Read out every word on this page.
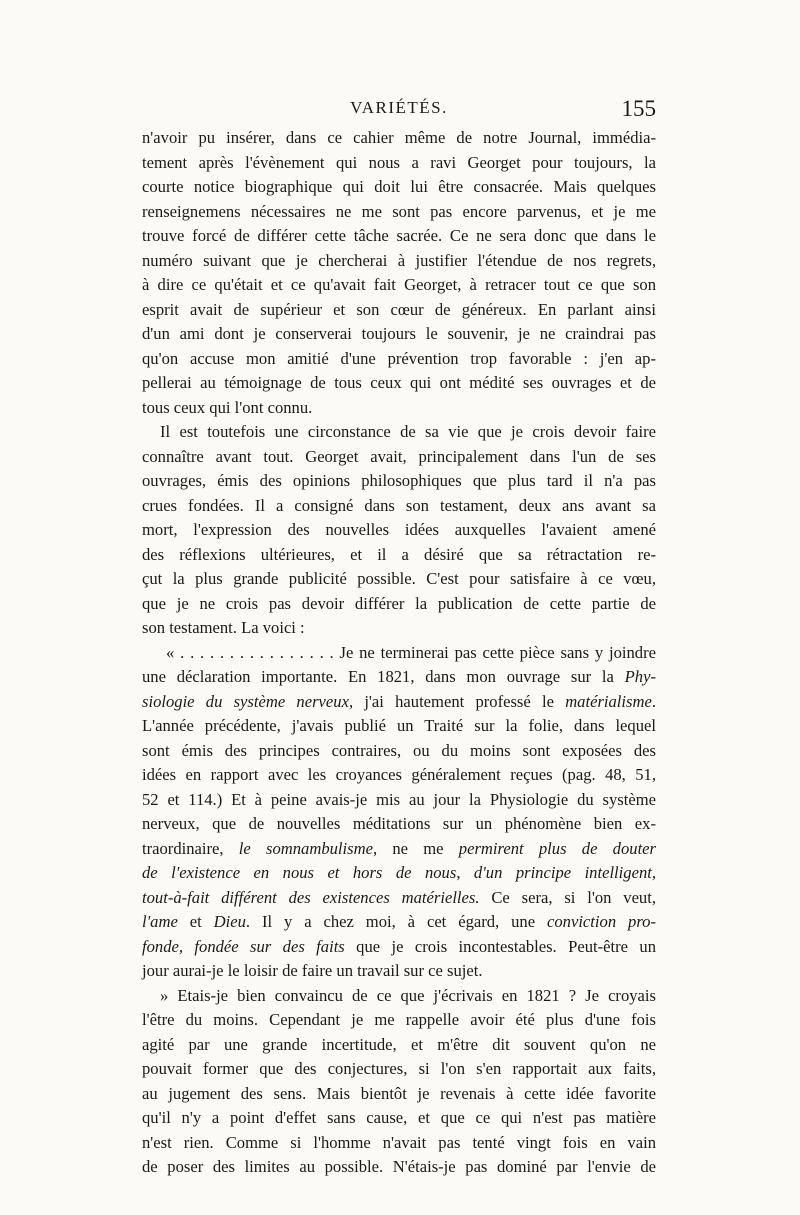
VARIÉTÉS.	155
n'avoir pu insérer, dans ce cahier même de notre Journal, immédia-
tement après l'évènement qui nous a ravi Georget pour toujours, la
courte notice biographique qui doit lui être consacrée. Mais quelques
renseignemens nécessaires ne me sont pas encore parvenus, et je me
trouve forcé de différer cette tâche sacrée. Ce ne sera donc que dans le
numéro suivant que je chercherai à justifier l'étendue de nos regrets,
à dire ce qu'était et ce qu'avait fait Georget, à retracer tout ce que son
esprit avait de supérieur et son cœur de généreux. En parlant ainsi
d'un ami dont je conserverai toujours le souvenir, je ne craindrai pas
qu'on accuse mon amitié d'une prévention trop favorable : j'en ap-
pellerai au témoignage de tous ceux qui ont médité ses ouvrages et de
tous ceux qui l'ont connu.
Il est toutefois une circonstance de sa vie que je crois devoir faire
connaître avant tout. Georget avait, principalement dans l'un de ses
ouvrages, émis des opinions philosophiques que plus tard il n'a pas
crues fondées. Il a consigné dans son testament, deux ans avant sa
mort, l'expression des nouvelles idées auxquelles l'avaient amené
des réflexions ultérieures, et il a désiré que sa rétractation re-
çut la plus grande publicité possible. C'est pour satisfaire à ce vœu,
que je ne crois pas devoir différer la publication de cette partie de
son testament. La voici :
« . . . . . . . . . . . . . . . . Je ne terminerai pas cette pièce sans y joindre
une déclaration importante. En 1821, dans mon ouvrage sur la Phy-
siologie du système nerveux, j'ai hautement professé le matérialisme.
L'année précédente, j'avais publié un Traité sur la folie, dans lequel
sont émis des principes contraires, ou du moins sont exposées des
idées en rapport avec les croyances généralement reçues (pag. 48, 51,
52 et 114.) Et à peine avais-je mis au jour la Physiologie du système
nerveux, que de nouvelles méditations sur un phénomène bien ex-
traordinaire, le somnambulisme, ne me permirent plus de douter
de l'existence en nous et hors de nous, d'un principe intelligent,
tout-à-fait différent des existences matérielles. Ce sera, si l'on veut,
l'ame et Dieu. Il y a chez moi, à cet égard, une conviction pro-
fonde, fondée sur des faits que je crois incontestables. Peut-être un
jour aurai-je le loisir de faire un travail sur ce sujet.
» Etais-je bien convaincu de ce que j'écrivais en 1821 ? Je croyais
l'être du moins. Cependant je me rappelle avoir été plus d'une fois
agité par une grande incertitude, et m'être dit souvent qu'on ne
pouvait former que des conjectures, si l'on s'en rapportait aux faits,
au jugement des sens. Mais bientôt je revenais à cette idée favorite
qu'il n'y a point d'effet sans cause, et que ce qui n'est pas matière
n'est rien. Comme si l'homme n'avait pas tenté vingt fois en vain
de poser des limites au possible. N'étais-je pas dominé par l'envie de
